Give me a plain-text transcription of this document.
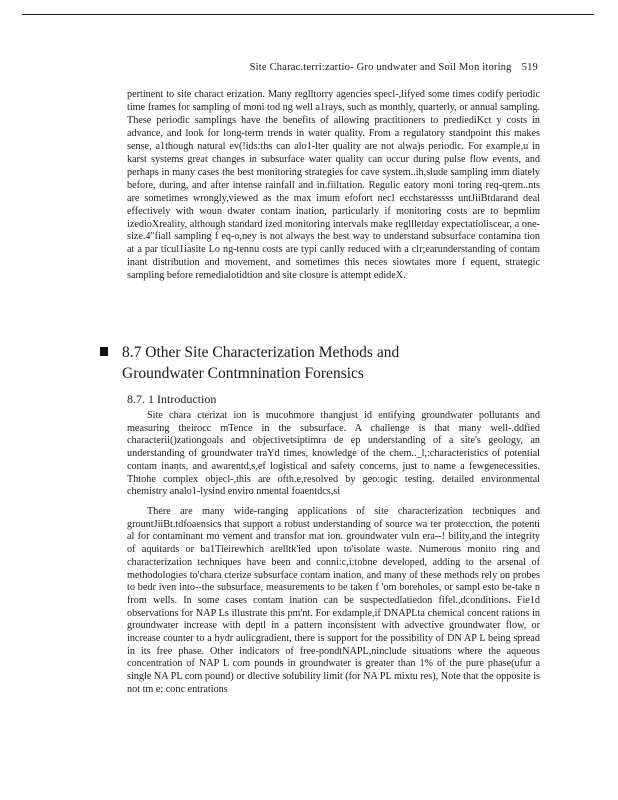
Site Charac.terri:zartio- Gro undwater and Soil Mon itoring 519

pertinent to site charact erization. Many reglltorry agencies specl-,lifyed some times codify periodic time frames for sampling of moni tod ng well a1rays, such as monthly, quarterly, or annual sampling. These periodic samplings have the benefits of allowing practitioners to prediediKct y costs in advance, and look for long-term trends in water quality. From a regulatory standpoint this makes sense, a1though natural ev(!ids:ths can alo1-lter quality are not alwa)s periodic. For example,u in karst systems great changes in subsurface water quality can occur during pulse flow events, and perhaps in many cases the best monitoring strategies for cave system..ih,slude sampling imm diately before, during, and after intense rainfall and in.fiiltation. Regulic eatory moni toring req-qrem..nts are sometimes wrongly,viewed as the max imum efofort necl ecchstaressss untJiiBtdarand deal effectively with woun dwater contam ination, particularly if monitoring costs are to bepmlim izedioXreality, although standard ized monitoring intervals make regllletday expectatioliscear, a one-size.4"fiall sampling f eq-o,ney is not always the best way to understand subsurface contamina tion at a par ticul1iasite Lo ng-tennu costs are typi canlly reduced with a clr;earunderstanding of contam inant distribution and movement, and sometimes this neces siowtates more f equent, strategic sampling before remedialotidtion and site closure is attempt edideX.

8.7 Other Site Characterization Methods and
Groundwater Contmnination Forensics
8.7. 1 Introduction

Site chara cterizat ion is mucohmore thangjust id entifying groundwater pollutants and measuring theirocc mTence in the subsurface. A challenge is that many well-.ddfied characterii()zationgoals and objectivetsiptimra de ep understanding of a site's geology, an understanding of groundwater traYd times, knowledge of the chem.._l,:characteristics of potential contam inants, and awarentd,s,ef logistical and safety concerns, just to name a fewgenecessities. Thtohe complex objecl-,this are ofth.e,resolved by geo:ogic testing. detailed environmental chemistry analo1-lysind enviro nmental foaentdcs,si

There are many wide-ranging applications of site characterization tecbniques and grountJiiBt.tdfoaensics that support a robust understanding of source wa ter protecction, the potenti al for contaminant mo vement and transfor mat ion. groundwater vuln era--! bility,and the integrity of aquitards or ba1Tieirewhich arelltk'ied upon to'isolate waste. Numerous monito ring and characterization techniques have been and conni:c,i:tobne developed, adding to the arsenal of methodologies to'chara cterize subsurface contam ination, and many of these methods rely on probes to bedr iven into--the subsurface, measurements to be taken f 'om boreholes, or sampl esto be-take n from wells. In some cases contam ination can be suspectedlatiedon fifel.,dconditions. Fie1d observations for NAP Ls illustrate this pm'nt. For exdample,if DNAPLta chemical concent rations in groundwater increase with deptl in a pattern inconsistent with advective groundwater flow, or increase counter to a hydr aulicgradient, there is support for the possibility of DN AP L being spread in its free phase. Other indicators of free-pondtNAPL,ninclude situations where the aqueous concentration of NAP L com pounds in groundwater is greater than 1% of the pure phase(ufur a single NA PL com pound) or dlective solubility limit (for NA PL mixtu res), Note that the opposite is not tm e; conc entrations
